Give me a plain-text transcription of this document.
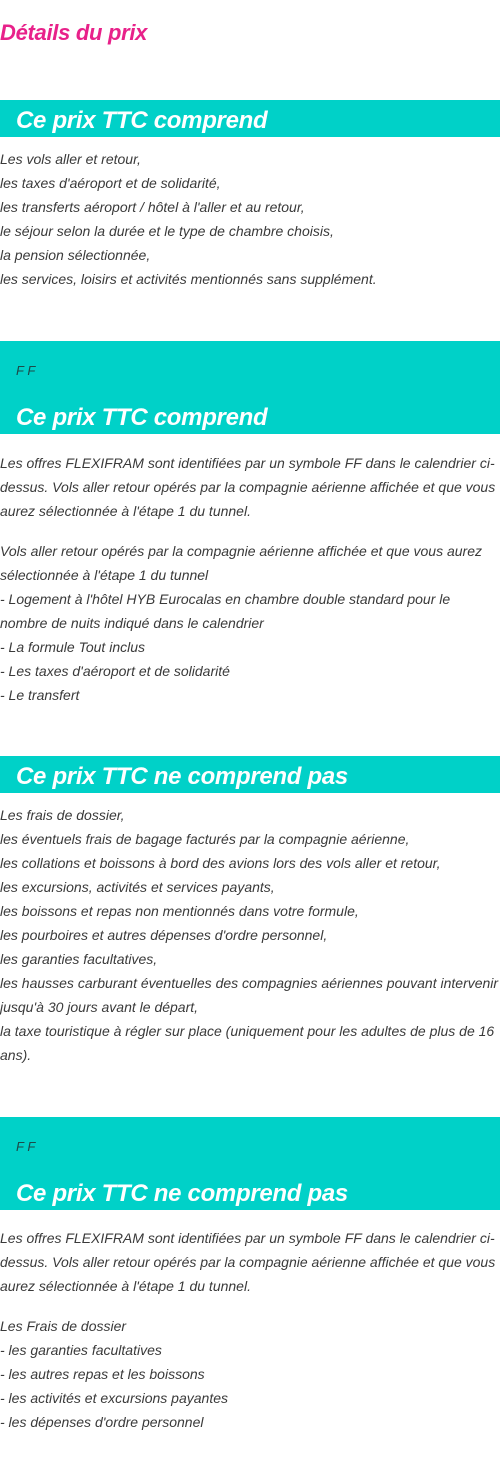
Détails du prix
Ce prix TTC comprend
Les vols aller et retour,
les taxes d'aéroport et de solidarité,
les transferts aéroport / hôtel à l'aller et au retour,
le séjour selon la durée et le type de chambre choisis,
la pension sélectionnée,
les services, loisirs et activités mentionnés sans supplément.
F F
Ce prix TTC comprend
Les offres FLEXIFRAM sont identifiées par un symbole FF dans le calendrier ci-
dessus. Vols aller retour opérés par la compagnie aérienne affichée et que vous
aurez sélectionnée à l'étape 1 du tunnel.
Vols aller retour opérés par la compagnie aérienne affichée et que vous aurez
sélectionnée à l'étape 1 du tunnel
- Logement à l'hôtel HYB Eurocalas en chambre double standard pour le
nombre de nuits indiqué dans le calendrier
- La formule Tout inclus
- Les taxes d'aéroport et de solidarité
- Le transfert
Ce prix TTC ne comprend pas
Les frais de dossier,
les éventuels frais de bagage facturés par la compagnie aérienne,
les collations et boissons à bord des avions lors des vols aller et retour,
les excursions, activités et services payants,
les boissons et repas non mentionnés dans votre formule,
les pourboires et autres dépenses d'ordre personnel,
les garanties facultatives,
les hausses carburant éventuelles des compagnies aériennes pouvant intervenir
jusqu'à 30 jours avant le départ,
la taxe touristique à régler sur place (uniquement pour les adultes de plus de 16
ans).
F F
Ce prix TTC ne comprend pas
Les offres FLEXIFRAM sont identifiées par un symbole FF dans le calendrier ci-
dessus. Vols aller retour opérés par la compagnie aérienne affichée et que vous
aurez sélectionnée à l'étape 1 du tunnel.
Les Frais de dossier
- les garanties facultatives
- les autres repas et les boissons
- les activités et excursions payantes
- les dépenses d'ordre personnel
